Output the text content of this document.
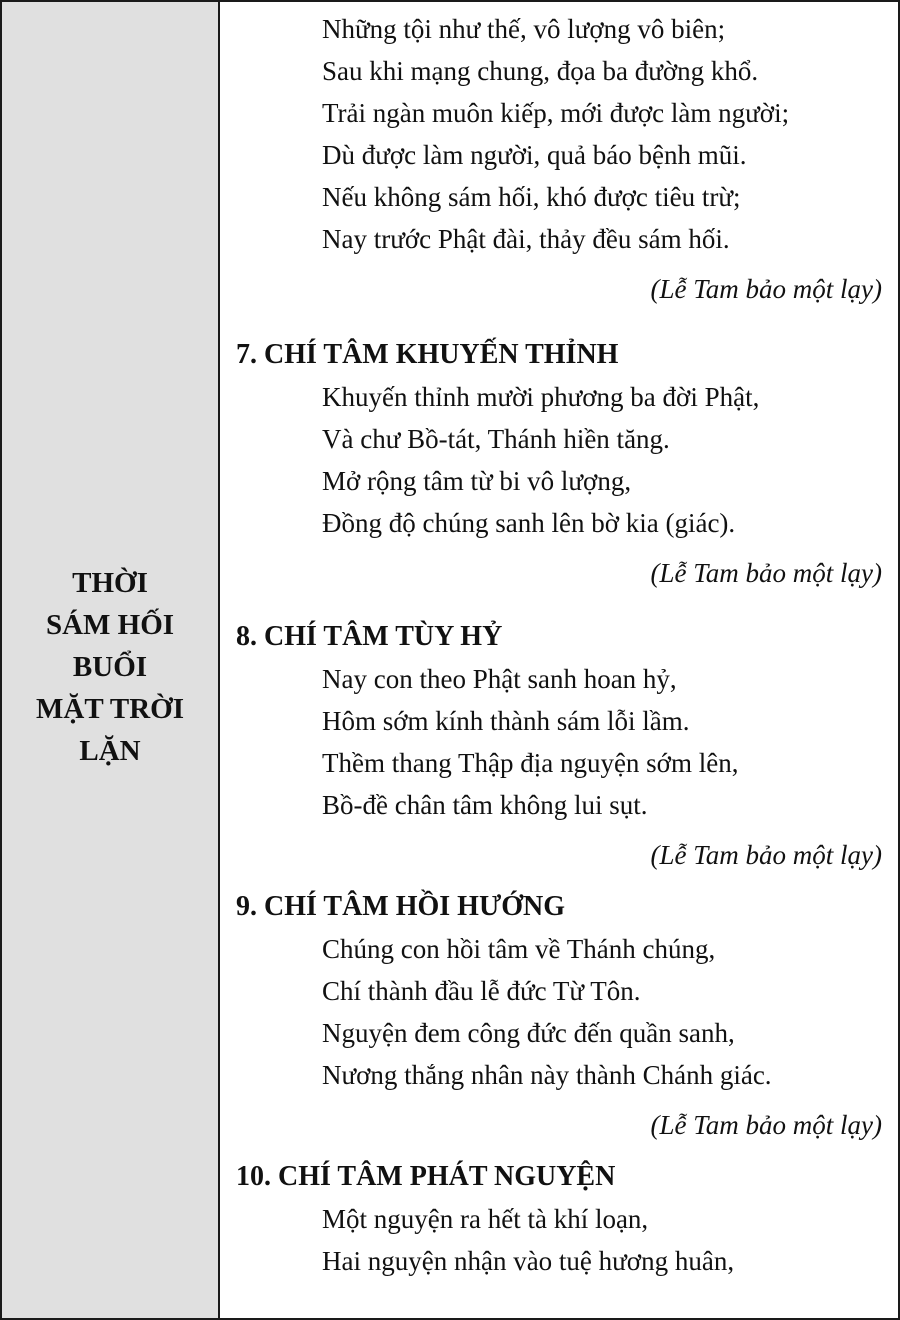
THỜI
SÁM HỐI
BUỔI
MẶT TRỜI
LẶN
Những tội như thế, vô lượng vô biên;
Sau khi mạng chung, đọa ba đường khổ.
Trải ngàn muôn kiếp, mới được làm người;
Dù được làm người, quả báo bệnh mũi.
Nếu không sám hối, khó được tiêu trừ;
Nay trước Phật đài, thảy đều sám hối.
(Lễ Tam bảo một lạy)
7. CHÍ TÂM KHUYẾN THỈNH
Khuyến thỉnh mười phương ba đời Phật,
Và chư Bồ-tát, Thánh hiền tăng.
Mở rộng tâm từ bi vô lượng,
Đồng độ chúng sanh lên bờ kia (giác).
(Lễ Tam bảo một lạy)
8. CHÍ TÂM TÙY HỶ
Nay con theo Phật sanh hoan hỷ,
Hôm sớm kính thành sám lỗi lầm.
Thềm thang Thập địa nguyện sớm lên,
Bồ-đề chân tâm không lui sụt.
(Lễ Tam bảo một lạy)
9. CHÍ TÂM HỒI HƯỚNG
Chúng con hồi tâm về Thánh chúng,
Chí thành đầu lễ đức Từ Tôn.
Nguyện đem công đức đến quần sanh,
Nương thắng nhân này thành Chánh giác.
(Lễ Tam bảo một lạy)
10. CHÍ TÂM PHÁT NGUYỆN
Một nguyện ra hết tà khí loạn,
Hai nguyện nhận vào tuệ hương huân,
